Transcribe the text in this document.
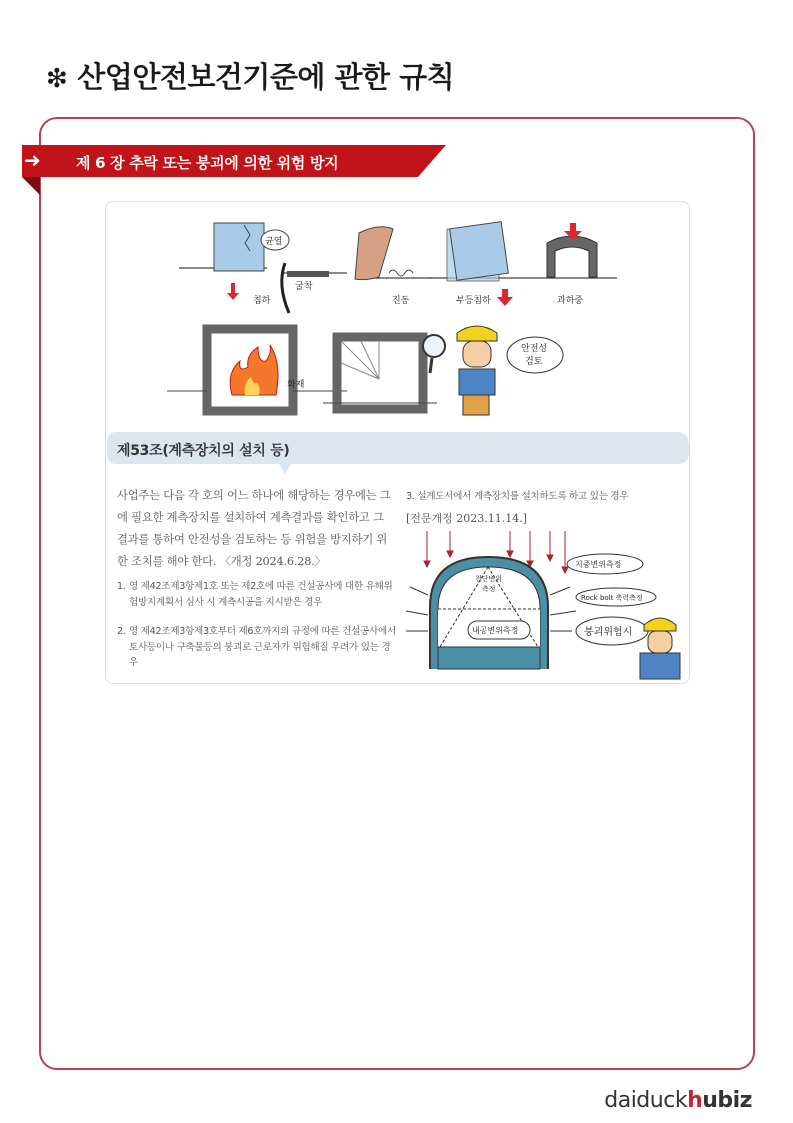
❇ 산업안전보건기준에 관한 규칙
➜ 제 6 장 추락 또는 붕괴에 의한 위험 방지
균열
침하
굴착
진동	부등침하	과하중
화재
안전성
검토
제53조(계측장치의 설치 등)
사업주는 다음 각 호의 어느 하나에 해당하는 경우에는 그에 필요한 계측장치를 설치하여 계측결과를 확인하고 그 결과를 통하여 안전성을 검토하는 등 위험을 방지하기 위한 조치를 해야 한다. 〈개정 2024.6.28.〉
1. 영 제42조제3항제1호 또는 제2호에 따른 건설공사에 대한 유해위험방지계획서 심사 시 계측시공을 지시받은 경우
2. 영 제42조제3항제3호부터 제6호까지의 규정에 따른 건설공사에서 토사등이나 구축물등의 붕괴로 근로자가 위험해질 우려가 있는 경우
3. 설계도서에서 계측장치를 설치하도록 하고 있는 경우
[전문개정 2023.11.14.]
천단변위
측정
내공변위측정
지중변위측정
Rock bolt 축력측정
붕괴위험시
daiduckhubiz
